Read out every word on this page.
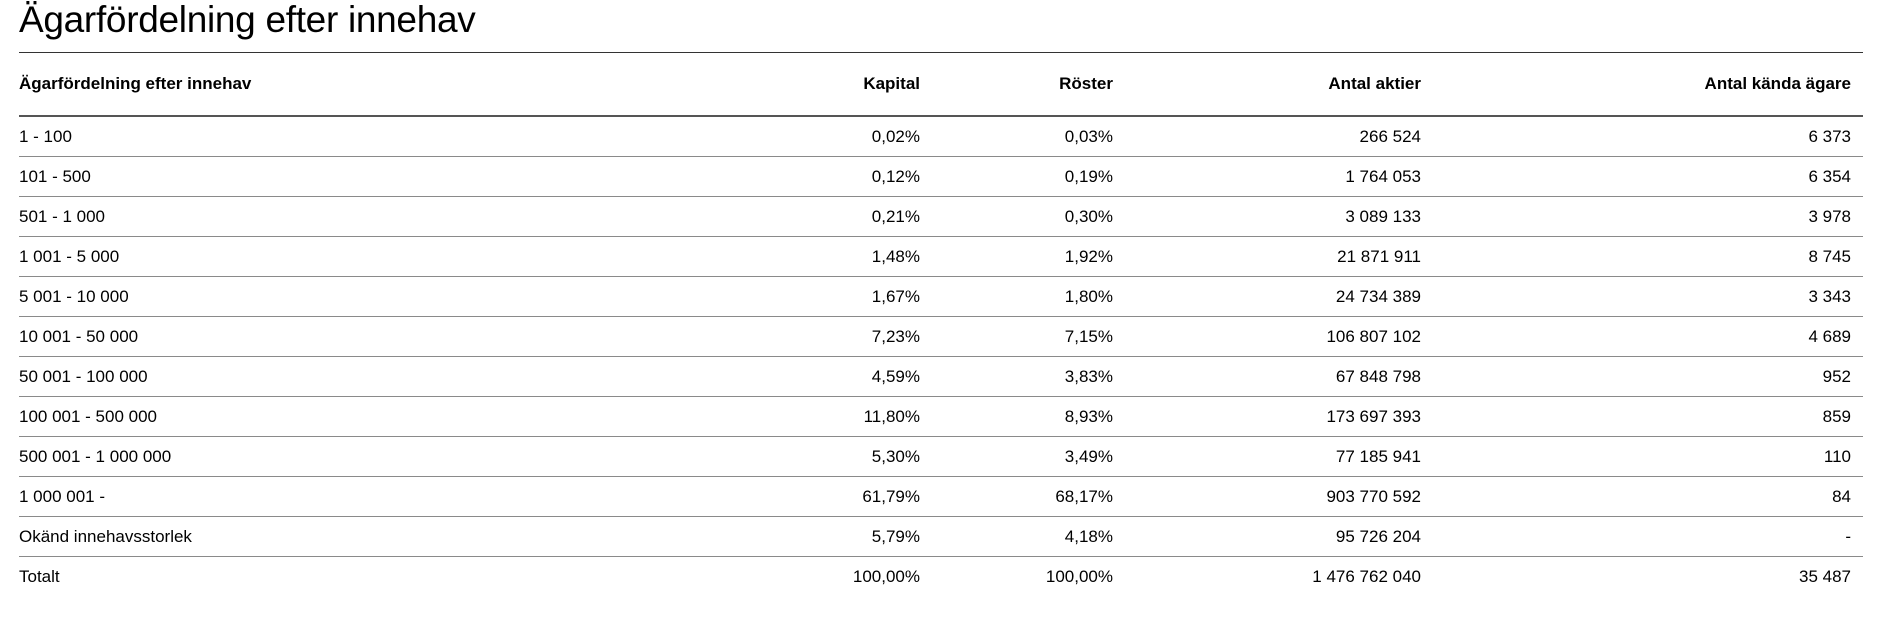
Ägarfördelning efter innehav
Ägarfördelning efter innehav	Kapital	Röster	Antal aktier	Antal kända ägare
1 - 100	0,02%	0,03%	266 524	6 373
101 - 500	0,12%	0,19%	1 764 053	6 354
501 - 1 000	0,21%	0,30%	3 089 133	3 978
1 001 - 5 000	1,48%	1,92%	21 871 911	8 745
5 001 - 10 000	1,67%	1,80%	24 734 389	3 343
10 001 - 50 000	7,23%	7,15%	106 807 102	4 689
50 001 - 100 000	4,59%	3,83%	67 848 798	952
100 001 - 500 000	11,80%	8,93%	173 697 393	859
500 001 - 1 000 000	5,30%	3,49%	77 185 941	110
1 000 001 -	61,79%	68,17%	903 770 592	84
Okänd innehavsstorlek	5,79%	4,18%	95 726 204	-
Totalt	100,00%	100,00%	1 476 762 040	35 487
